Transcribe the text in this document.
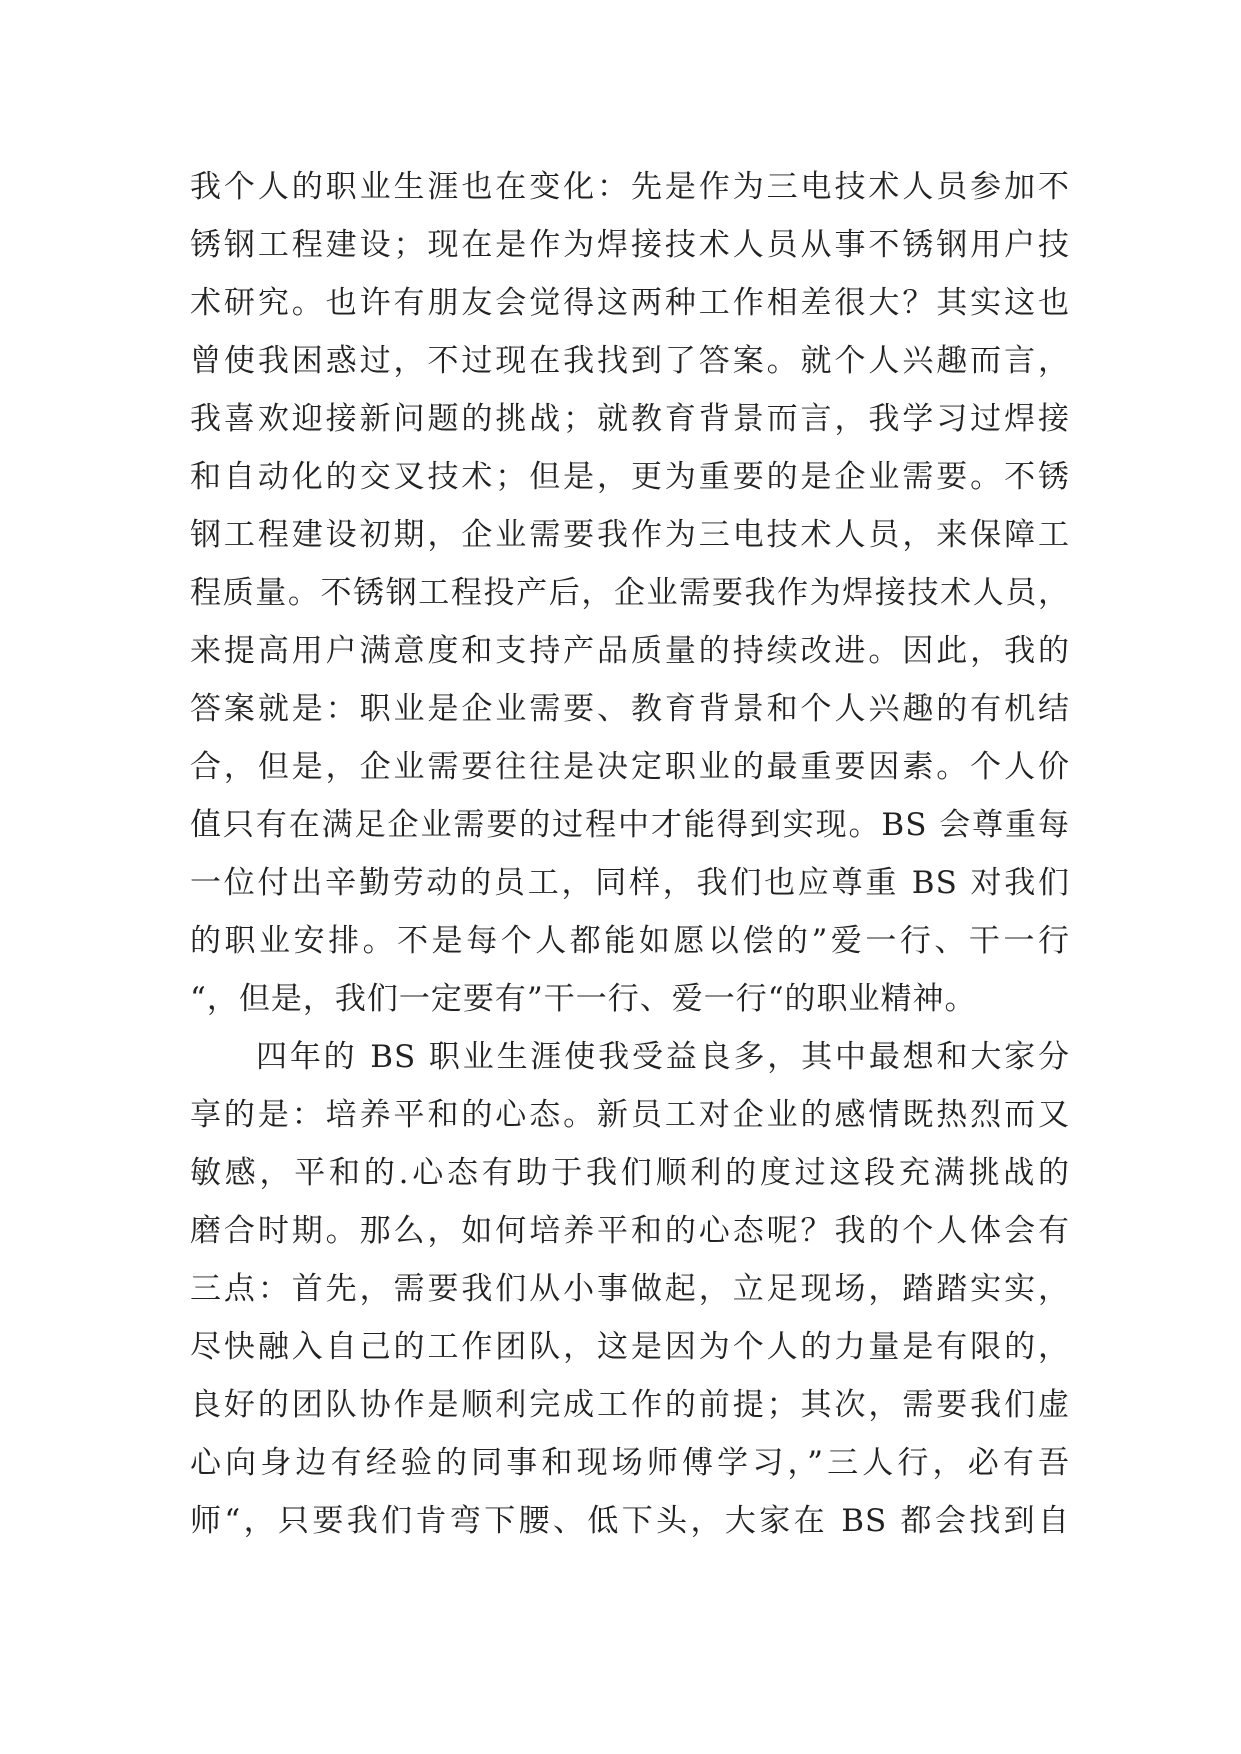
我个人的职业生涯也在变化：先是作为三电技术人员参加不
锈钢工程建设；现在是作为焊接技术人员从事不锈钢用户技
术研究。也许有朋友会觉得这两种工作相差很大？其实这也
曾使我困惑过，不过现在我找到了答案。就个人兴趣而言，
我喜欢迎接新问题的挑战；就教育背景而言，我学习过焊接
和自动化的交叉技术；但是，更为重要的是企业需要。不锈
钢工程建设初期，企业需要我作为三电技术人员，来保障工
程质量。不锈钢工程投产后，企业需要我作为焊接技术人员，
来提高用户满意度和支持产品质量的持续改进。因此，我的
答案就是：职业是企业需要、教育背景和个人兴趣的有机结
合，但是，企业需要往往是决定职业的最重要因素。个人价
值只有在满足企业需要的过程中才能得到实现。BS 会尊重每
一位付出辛勤劳动的员工，同样，我们也应尊重 BS 对我们
的职业安排。不是每个人都能如愿以偿的”爱一行、干一行
“，但是，我们一定要有”干一行、爱一行“的职业精神。
四年的 BS 职业生涯使我受益良多，其中最想和大家分
享的是：培养平和的心态。新员工对企业的感情既热烈而又
敏感，平和的.心态有助于我们顺利的度过这段充满挑战的
磨合时期。那么，如何培养平和的心态呢？我的个人体会有
三点：首先，需要我们从小事做起，立足现场，踏踏实实，
尽快融入自己的工作团队，这是因为个人的力量是有限的，
良好的团队协作是顺利完成工作的前提；其次，需要我们虚
心向身边有经验的同事和现场师傅学习，”三人行，必有吾
师“，只要我们肯弯下腰、低下头，大家在 BS 都会找到自
